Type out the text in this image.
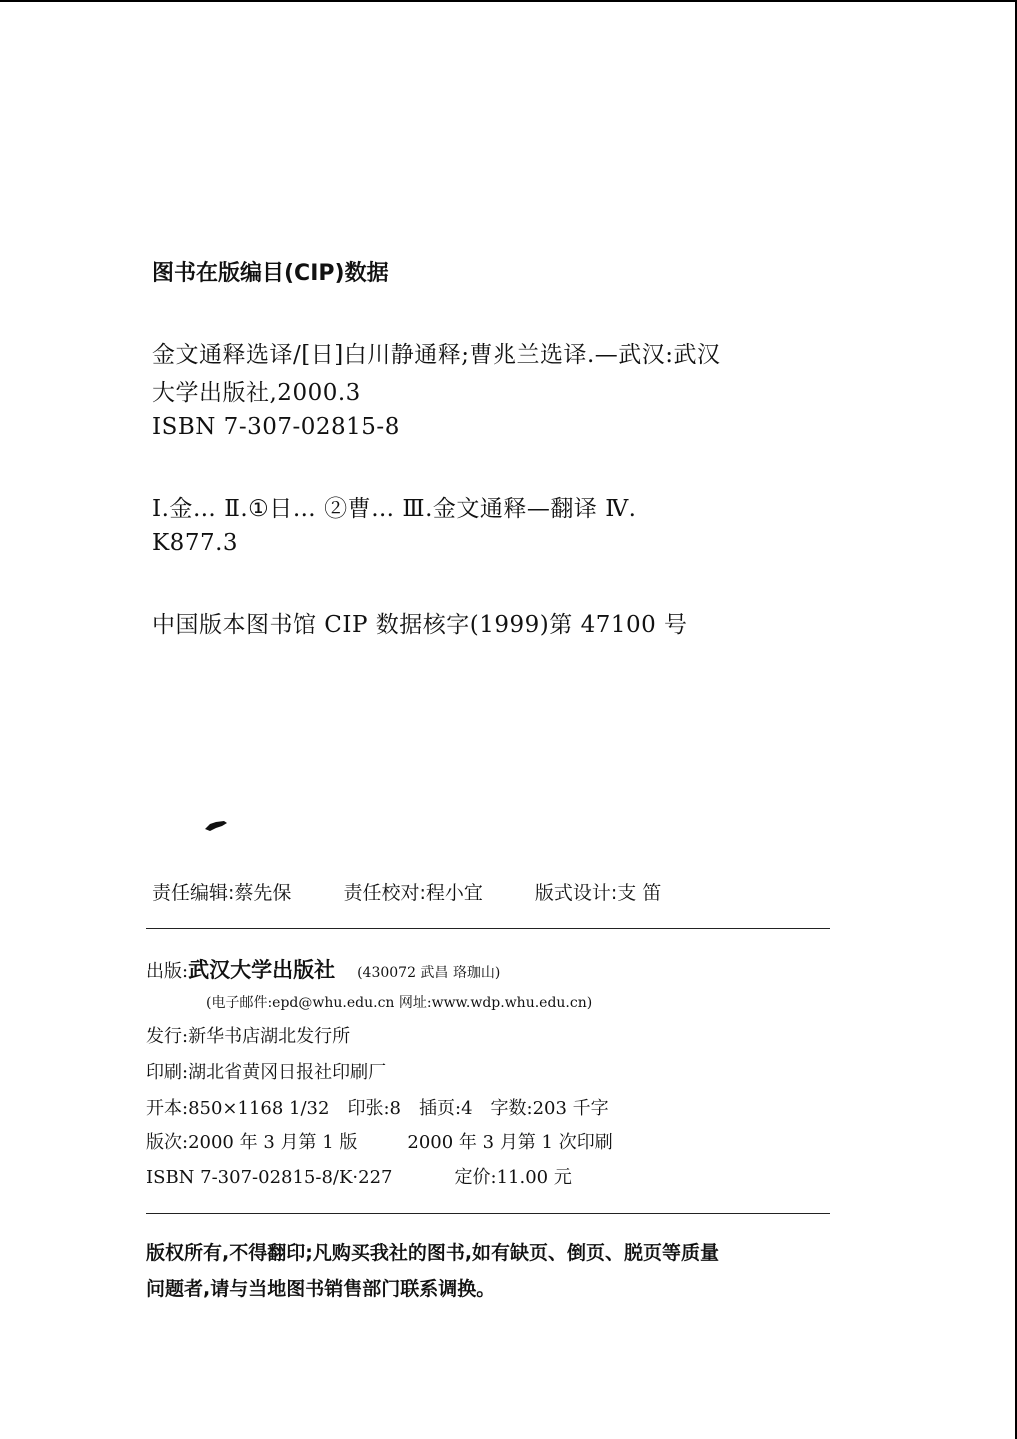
图书在版编目(CIP)数据
金文通释选译/[日]白川静通释;曹兆兰选译.—武汉:武汉
大学出版社,2000.3
ISBN 7-307-02815-8
Ⅰ.金… Ⅱ.①日… ②曹… Ⅲ.金文通释—翻译 Ⅳ.
K877.3
中国版本图书馆 CIP 数据核字(1999)第 47100 号
责任编辑:蔡先保	责任校对:程小宜	版式设计:支 笛
出版:武汉大学出版社 (430072 武昌 珞珈山)
(电子邮件:epd@whu.edu.cn 网址:www.wdp.whu.edu.cn)
发行:新华书店湖北发行所
印刷:湖北省黄冈日报社印刷厂
开本:850×1168 1/32 印张:8 插页:4 字数:203 千字
版次:2000 年 3 月第 1 版	2000 年 3 月第 1 次印刷
ISBN 7-307-02815-8/K·227	定价:11.00 元
版权所有,不得翻印;凡购买我社的图书,如有缺页、倒页、脱页等质量
问题者,请与当地图书销售部门联系调换。
